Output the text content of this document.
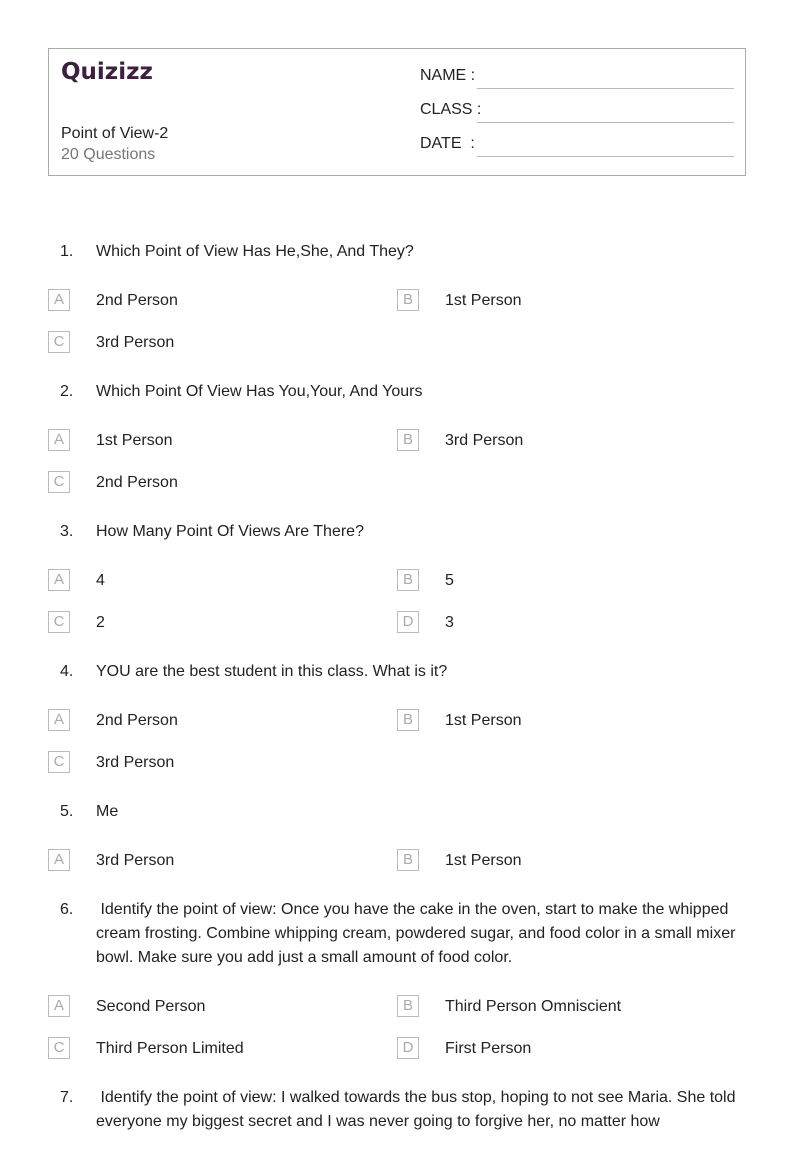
Quizizz
Point of View-2
20 Questions
NAME :
CLASS :
DATE  :
1. Which Point of View Has He,She, And They?
A	2nd Person	B	1st Person
C	3rd Person
2. Which Point Of View Has You,Your, And Yours
A	1st Person	B	3rd Person
C	2nd Person
3. How Many Point Of Views Are There?
A	4	B	5
C	2	D	3
4. YOU are the best student in this class. What is it?
A	2nd Person	B	1st Person
C	3rd Person
5. Me
A	3rd Person	B	1st Person
6. Identify the point of view: Once you have the cake in the oven, start to make the whipped cream frosting. Combine whipping cream, powdered sugar, and food color in a small mixer bowl. Make sure you add just a small amount of food color.
A	Second Person	B	Third Person Omniscient
C	Third Person Limited	D	First Person
7. Identify the point of view: I walked towards the bus stop, hoping to not see Maria. She told everyone my biggest secret and I was never going to forgive her, no matter how
